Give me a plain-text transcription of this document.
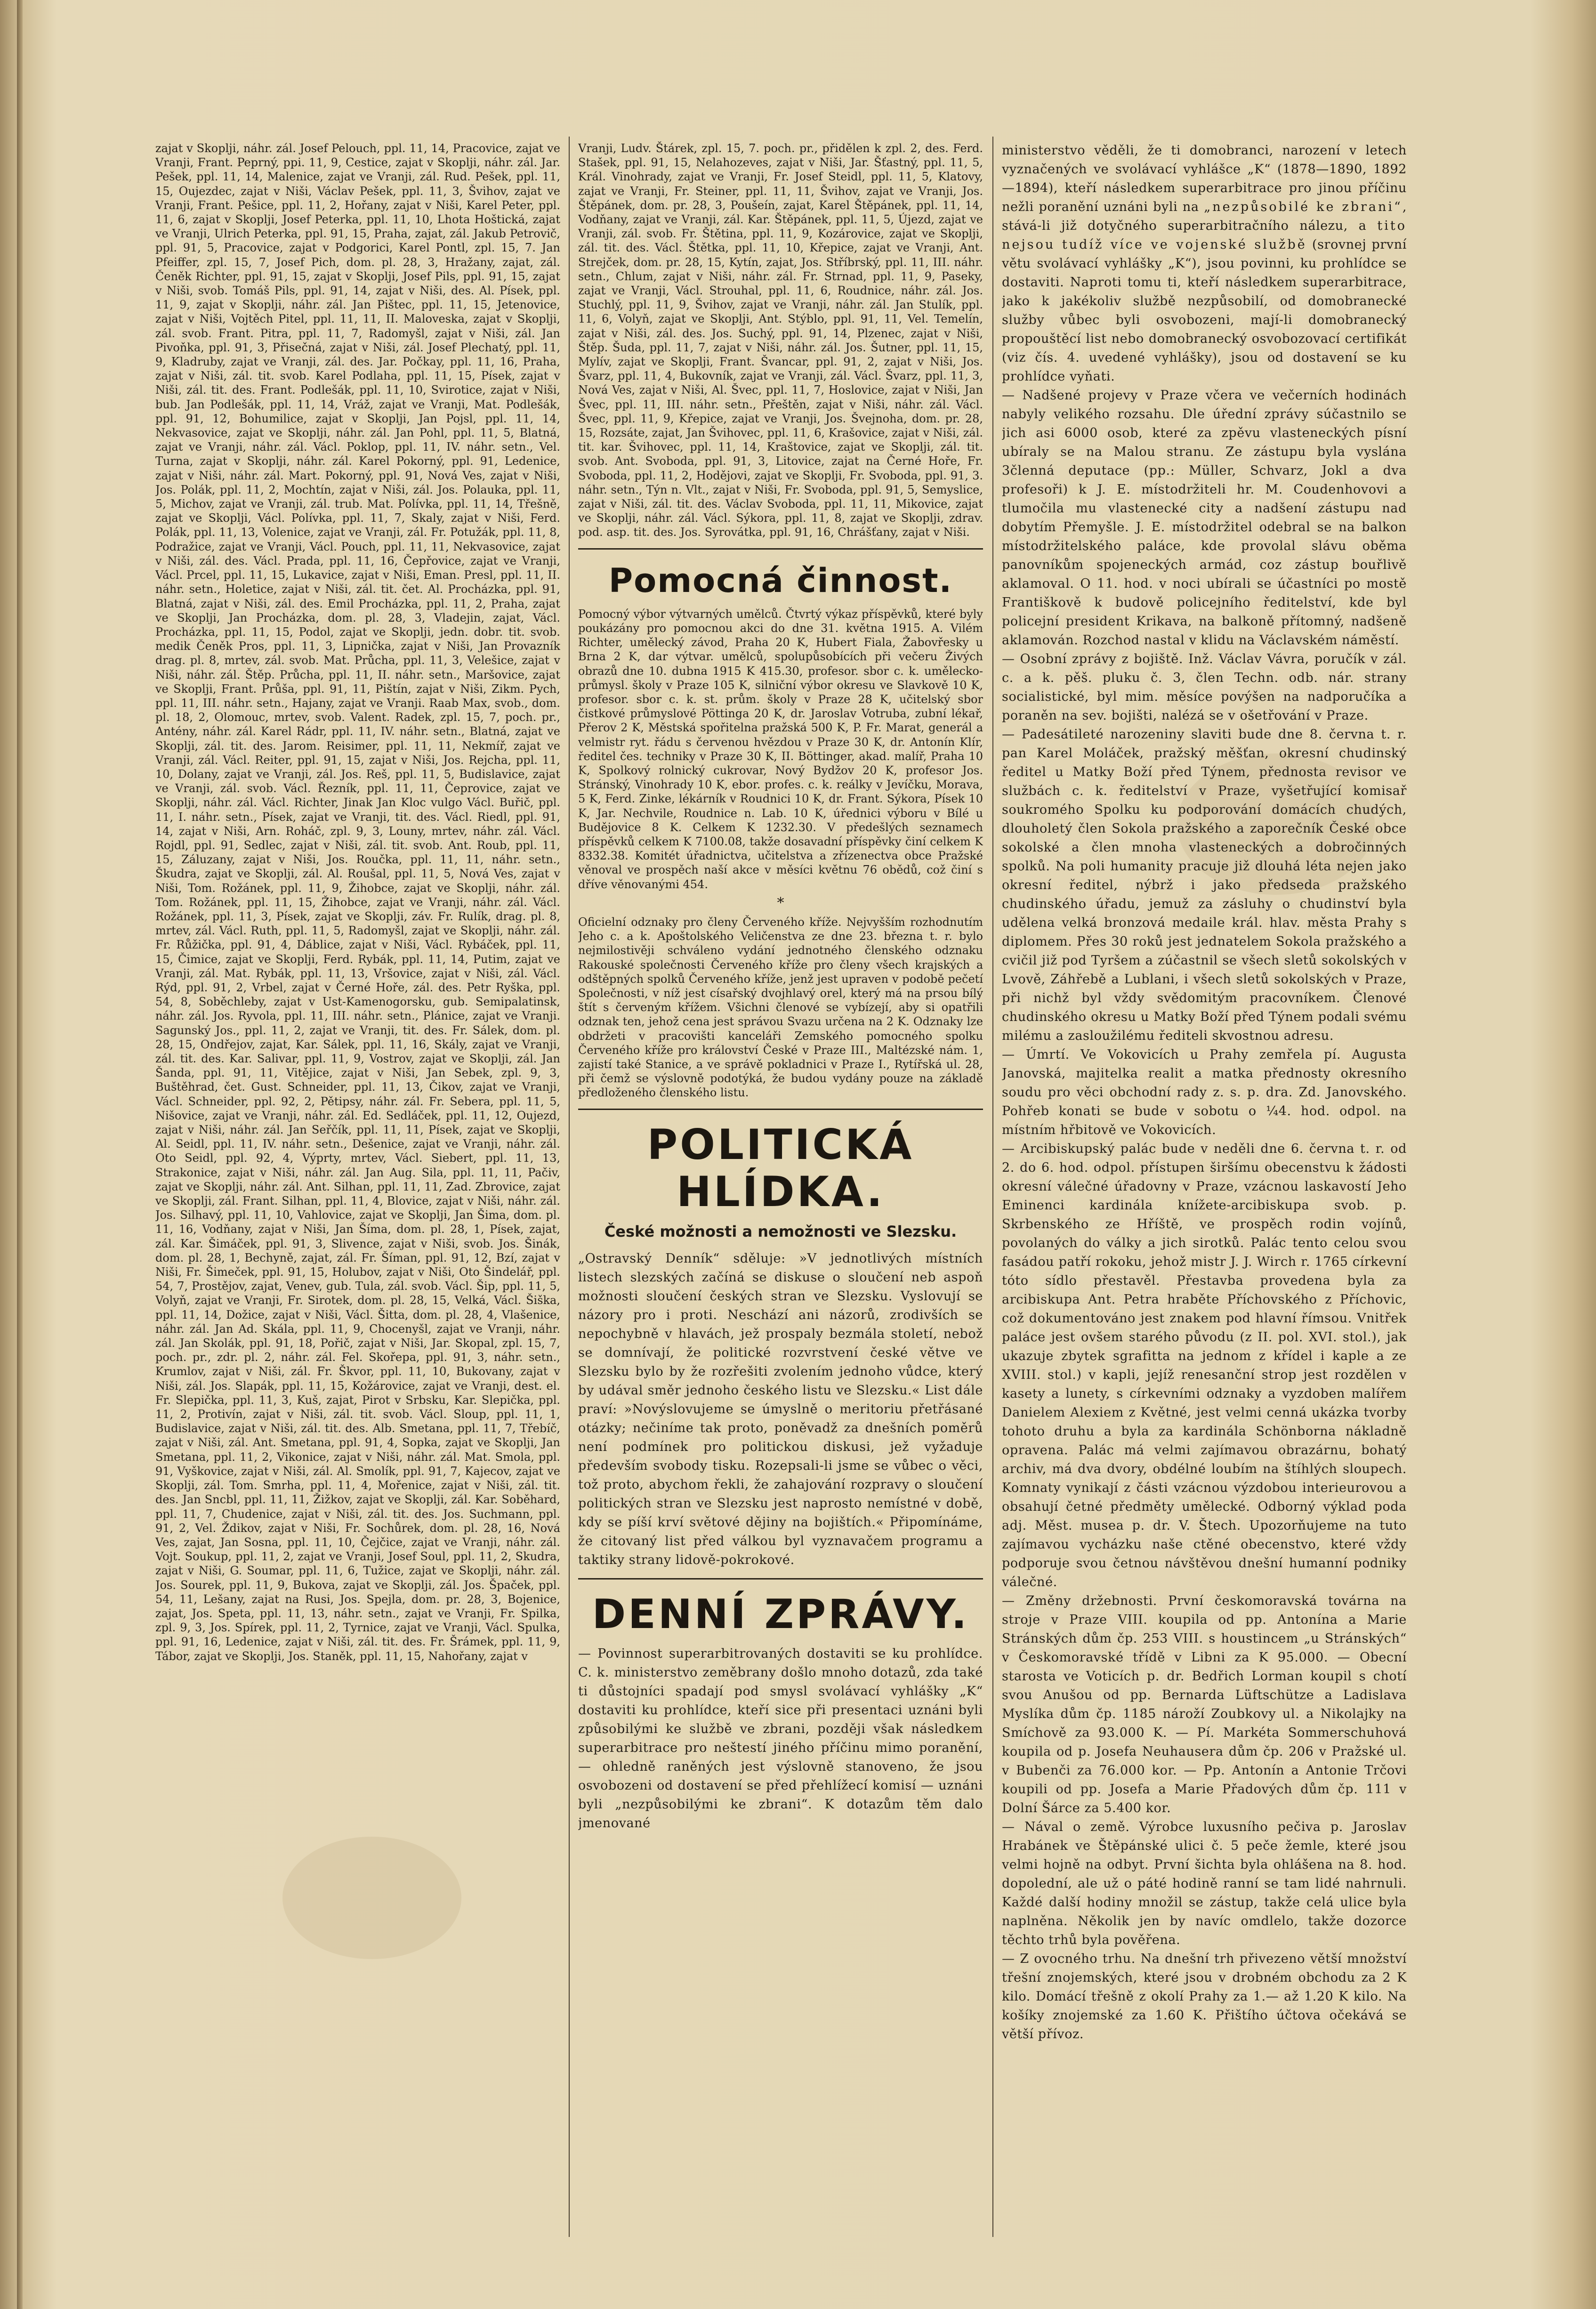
zajat v Skoplji, náhr. zál. Josef Pelouch, ppl. 11, 14, Pracovice, zajat ve Vranji, Frant. Peprný, ppi. 11, 9, Cestice, zajat v Skoplji, náhr. zál. Jar. Pešek, ppl. 11, 14, Malenice, zajat ve Vranji, zál. Rud. Pešek, ppl. 11, 15, Oujezdec, zajat v Niši, Václav Pešek, ppl. 11, 3, Švihov, zajat ve Vranji, Frant. Pešice, ppl. 11, 2, Hořany, zajat v Niši, Karel Peter, ppl. 11, 6, zajat v Skoplji, Josef Peterka, ppl. 11, 10, Lhota Hoštická, zajat ve Vranji, Ulrich Peterka, ppl. 91, 15, Praha, zajat, zál. Jakub Petrovič, ppl. 91, 5, Pracovice, zajat v Podgorici, Karel Pontl, zpl. 15, 7. Jan Pfeiffer, zpl. 15, 7, Josef Pich, dom. pl. 28, 3, Hražany, zajat, zál. Čeněk Richter, ppl. 91, 15, zajat v Skoplji, Josef Pils, ppl. 91, 15, zajat v Niši, svob. Tomáš Pils, ppl. 91, 14, zajat v Niši, des. Al. Písek, ppl. 11, 9, zajat v Skoplji, náhr. zál. Jan Pištec, ppl. 11, 15, Jetenovice, zajat v Niši, Vojtěch Pitel, ppl. 11, 11, II. Maloveska, zajat v Skoplji, zál. svob. Frant. Pitra, ppl. 11, 7, Radomyšl, zajat v Niši, zál. Jan Pivoňka, ppl. 91, 3, Přisečná, zajat v Niši, zál. Josef Plechatý, ppl. 11, 9, Kladruby, zajat ve Vranji, zál. des. Jar. Počkay, ppl. 11, 16, Praha, zajat v Niši, zál. tit. svob. Karel Podlaha, ppl. 11, 15, Písek, zajat v Niši, zál. tit. des. Frant. Podlešák, ppl. 11, 10, Svirotice, zajat v Niši, bub. Jan Podlešák, ppl. 11, 14, Vráž, zajat ve Vranji, Mat. Podlešák, ppl. 91, 12, Bohumilice, zajat v Skoplji, Jan Pojsl, ppl. 11, 14, Nekvasovice, zajat ve Skoplji, náhr. zál. Jan Pohl, ppl. 11, 5, Blatná, zajat ve Vranji, náhr. zál. Václ. Poklop, ppl. 11, IV. náhr. setn., Vel. Turna, zajat v Skoplji, náhr. zál. Karel Pokorný, ppl. 91, Ledenice, zajat v Niši, náhr. zál. Mart. Pokorný, ppl. 91, Nová Ves, zajat v Niši, Jos. Polák, ppl. 11, 2, Mochtín, zajat v Niši, zál. Jos. Polauka, ppl. 11, 5, Michov, zajat ve Vranji, zál. trub. Mat. Polívka, ppl. 11, 14, Třešně, zajat ve Skoplji, Václ. Polívka, ppl. 11, 7, Skaly, zajat v Niši, Ferd. Polák, ppl. 11, 13, Volenice, zajat ve Vranji, zál. Fr. Potužák, ppl. 11, 8, Podražice, zajat ve Vranji, Václ. Pouch, ppl. 11, 11, Nekvasovice, zajat v Niši, zál. des. Václ. Prada, ppl. 11, 16, Čepřovice, zajat ve Vranji, Václ. Prcel, ppl. 11, 15, Lukavice, zajat v Niši, Eman. Presl, ppl. 11, II. náhr. setn., Holetice, zajat v Niši, zál. tit. čet. Al. Procházka, ppl. 91, Blatná, zajat v Niši, zál. des. Emil Procházka, ppl. 11, 2, Praha, zajat ve Skoplji, Jan Procházka, dom. pl. 28, 3, Vladejin, zajat, Václ. Procházka, ppl. 11, 15, Podol, zajat ve Skoplji, jedn. dobr. tit. svob. medik Čeněk Pros, ppl. 11, 3, Lipnička, zajat v Niši, Jan Provazník drag. pl. 8, mrtev, zál. svob. Mat. Průcha, ppl. 11, 3, Velešice, zajat v Niši, náhr. zál. Štěp. Průcha, ppl. 11, II. náhr. setn., Maršovice, zajat ve Skoplji, Frant. Průša, ppl. 91, 11, Pištín, zajat v Niši, Zikm. Pych, ppl. 11, III. náhr. setn., Hajany, zajat ve Vranji. Raab Max, svob., dom. pl. 18, 2, Olomouc, mrtev, svob. Valent. Radek, zpl. 15, 7, poch. pr., Antény, náhr. zál. Karel Rádr, ppl. 11, IV. náhr. setn., Blatná, zajat ve Skoplji, zál. tit. des. Jarom. Reisimer, ppl. 11, 11, Nekmíř, zajat ve Vranji, zál. Václ. Reiter, ppl. 91, 15, zajat v Niši, Jos. Rejcha, ppl. 11, 10, Dolany, zajat ve Vranji, zál. Jos. Reš, ppl. 11, 5, Budislavice, zajat ve Vranji, zál. svob. Václ. Řezník, ppl. 11, 11, Čeprovice, zajat ve Skoplji, náhr. zál. Václ. Richter, Jinak Jan Kloc vulgo Václ. Buřič, ppl. 11, I. náhr. setn., Písek, zajat ve Vranji, tit. des. Václ. Riedl, ppl. 91, 14, zajat v Niši, Arn. Roháč, zpl. 9, 3, Louny, mrtev, náhr. zál. Václ. Rojdl, ppl. 91, Sedlec, zajat v Niši, zál. tit. svob. Ant. Roub, ppl. 11, 15, Záluzany, zajat v Niši, Jos. Roučka, ppl. 11, 11, náhr. setn., Škudra, zajat ve Skoplji, zál. Al. Roušal, ppl. 11, 5, Nová Ves, zajat v Niši, Tom. Rožánek, ppl. 11, 9, Žihobce, zajat ve Skoplji, náhr. zál. Tom. Rožánek, ppl. 11, 15, Žihobce, zajat ve Vranji, náhr. zál. Václ. Rožánek, ppl. 11, 3, Písek, zajat ve Skoplji, záv. Fr. Rulík, drag. pl. 8, mrtev, zál. Václ. Ruth, ppl. 11, 5, Radomyšl, zajat ve Skoplji, náhr. zál. Fr. Růžička, ppl. 91, 4, Dáblice, zajat v Niši, Václ. Rybáček, ppl. 11, 15, Čimice, zajat ve Skoplji, Ferd. Rybák, ppl. 11, 14, Putim, zajat ve Vranji, zál. Mat. Rybák, ppl. 11, 13, Vršovice, zajat v Niši, zál. Václ. Rýd, ppl. 91, 2, Vrbel, zajat v Černé Hoře, zál. des. Petr Ryška, ppl. 54, 8, Soběchleby, zajat v Ust-Kamenogorsku, gub. Semipalatinsk, náhr. zál. Jos. Ryvola, ppl. 11, III. náhr. setn., Plánice, zajat ve Vranji. Sagunský Jos., ppl. 11, 2, zajat ve Vranji, tit. des. Fr. Sálek, dom. pl. 28, 15, Ondřejov, zajat, Kar. Sálek, ppl. 11, 16, Skály, zajat ve Vranji, zál. tit. des. Kar. Salivar, ppl. 11, 9, Vostrov, zajat ve Skoplji, zál. Jan Šanda, ppl. 91, 11, Vitějice, zajat v Niši, Jan Sebek, zpl. 9, 3, Buštěhrad, čet. Gust. Schneider, ppl. 11, 13, Čikov, zajat ve Vranji, Václ. Schneider, ppl. 92, 2, Pětipsy, náhr. zál. Fr. Sebera, ppl. 11, 5, Nišovice, zajat ve Vranji, náhr. zál. Ed. Sedláček, ppl. 11, 12, Oujezd, zajat v Niši, náhr. zál. Jan Seřčík, ppl. 11, 11, Písek, zajat ve Skoplji, Al. Seidl, ppl. 11, IV. náhr. setn., Dešenice, zajat ve Vranji, náhr. zál. Oto Seidl, ppl. 92, 4, Výprty, mrtev, Václ. Siebert, ppl. 11, 13, Strakonice, zajat v Niši, náhr. zál. Jan Aug. Sila, ppl. 11, 11, Pačiv, zajat ve Skoplji, náhr. zál. Ant. Silhan, ppl. 11, 11, Zad. Zbrovice, zajat ve Skoplji, zál. Frant. Silhan, ppl. 11, 4, Blovice, zajat v Niši, náhr. zál. Jos. Silhavý, ppl. 11, 10, Vahlovice, zajat ve Skoplji, Jan Šima, dom. pl. 11, 16, Vodňany, zajat v Niši, Jan Šíma, dom. pl. 28, 1, Písek, zajat, zál. Kar. Šimáček, ppl. 91, 3, Slivence, zajat v Niši, svob. Jos. Šinák, dom. pl. 28, 1, Bechyně, zajat, zál. Fr. Šíman, ppl. 91, 12, Bzí, zajat v Niši, Fr. Šimeček, ppl. 91, 15, Holubov, zajat v Niši, Oto Šindelář, ppl. 54, 7, Prostějov, zajat, Venev, gub. Tula, zál. svob. Václ. Šip, ppl. 11, 5, Volyň, zajat ve Vranji, Fr. Sirotek, dom. pl. 28, 15, Velká, Václ. Šiška, ppl. 11, 14, Dožice, zajat v Niši, Václ. Šitta, dom. pl. 28, 4, Vlašenice, náhr. zál. Jan Ad. Skála, ppl. 11, 9, Chocenyšl, zajat ve Vranji, náhr. zál. Jan Skolák, ppl. 91, 18, Pořič, zajat v Niši, Jar. Skopal, zpl. 15, 7, poch. pr., zdr. pl. 2, náhr. zál. Fel. Skořepa, ppl. 91, 3, náhr. setn., Krumlov, zajat v Niši, zál. Fr. Škvor, ppl. 11, 10, Bukovany, zajat v Niši, zál. Jos. Slapák, ppl. 11, 15, Kožárovice, zajat ve Vranji, dest. el. Fr. Slepička, ppl. 11, 3, Kuš, zajat, Pirot v Srbsku, Kar. Slepička, ppl. 11, 2, Protivín, zajat v Niši, zál. tit. svob. Václ. Sloup, ppl. 11, 1, Budislavice, zajat v Niši, zál. tit. des. Alb. Smetana, ppl. 11, 7, Třebíč, zajat v Niši, zál. Ant. Smetana, ppl. 91, 4, Sopka, zajat ve Skoplji, Jan Smetana, ppl. 11, 2, Vikonice, zajat v Niši, náhr. zál. Mat. Smola, ppl. 91, Vyškovice, zajat v Niši, zál. Al. Smolík, ppl. 91, 7, Kajecov, zajat ve Skoplji, zál. Tom. Smrha, ppl. 11, 4, Mořenice, zajat v Niši, zál. tit. des. Jan Sncbl, ppl. 11, 11, Žižkov, zajat ve Skoplji, zál. Kar. Soběhard, ppl. 11, 7, Chudenice, zajat v Niši, zál. tit. des. Jos. Suchmann, ppl. 91, 2, Vel. Ždikov, zajat v Niši, Fr. Sochůrek, dom. pl. 28, 16, Nová Ves, zajat, Jan Sosna, ppl. 11, 10, Čejčice, zajat ve Vranji, náhr. zál. Vojt. Soukup, ppl. 11, 2, zajat ve Vranji, Josef Soul, ppl. 11, 2, Skudra, zajat v Niši, G. Soumar, ppl. 11, 6, Tužice, zajat ve Skoplji, náhr. zál. Jos. Sourek, ppl. 11, 9, Bukova, zajat ve Skoplji, zál. Jos. Špaček, ppl. 54, 11, Lešany, zajat na Rusi, Jos. Spejla, dom. pr. 28, 3, Bojenice, zajat, Jos. Speta, ppl. 11, 13, náhr. setn., zajat ve Vranji, Fr. Spilka, zpl. 9, 3, Jos. Spírek, ppl. 11, 2, Tyrnice, zajat ve Vranji, Václ. Spulka, ppl. 91, 16, Ledenice, zajat v Niši, zál. tit. des. Fr. Šrámek, ppl. 11, 9, Tábor, zajat ve Skoplji, Jos. Staněk, ppl. 11, 15, Nahořany, zajat v

Vranji, Ludv. Štárek, zpl. 15, 7. poch. pr., přidělen k zpl. 2, des. Ferd. Stašek, ppl. 91, 15, Nelahozeves, zajat v Niši, Jar. Šťastný, ppl. 11, 5, Král. Vinohrady, zajat ve Vranji, Fr. Josef Steidl, ppl. 11, 5, Klatovy, zajat ve Vranji, Fr. Steiner, ppl. 11, 11, Švihov, zajat ve Vranji, Jos. Štěpánek, dom. pr. 28, 3, Poušeín, zajat, Karel Štěpánek, ppl. 11, 14, Vodňany, zajat ve Vranji, zál. Kar. Štěpánek, ppl. 11, 5, Újezd, zajat ve Vranji, zál. svob. Fr. Štětina, ppl. 11, 9, Kozárovice, zajat ve Skoplji, zál. tit. des. Václ. Štětka, ppl. 11, 10, Křepice, zajat ve Vranji, Ant. Strejček, dom. pr. 28, 15, Kytín, zajat, Jos. Stříbrský, ppl. 11, III. náhr. setn., Chlum, zajat v Niši, náhr. zál. Fr. Strnad, ppl. 11, 9, Paseky, zajat ve Vranji, Václ. Strouhal, ppl. 11, 6, Roudnice, náhr. zál. Jos. Stuchlý, ppl. 11, 9, Švihov, zajat ve Vranji, náhr. zál. Jan Stulík, ppl. 11, 6, Volyň, zajat ve Skoplji, Ant. Stýblo, ppl. 91, 11, Vel. Temelín, zajat v Niši, zál. des. Jos. Suchý, ppl. 91, 14, Plzenec, zajat v Niši, Štěp. Šuda, ppl. 11, 7, zajat v Niši, náhr. zál. Jos. Šutner, ppl. 11, 15, Mylív, zajat ve Skoplji, Frant. Švancar, ppl. 91, 2, zajat v Niši, Jos. Švarz, ppl. 11, 4, Bukovník, zajat ve Vranji, zál. Václ. Švarz, ppl. 11, 3, Nová Ves, zajat v Niši, Al. Švec, ppl. 11, 7, Hoslovice, zajat v Niši, Jan Švec, ppl. 11, III. náhr. setn., Přeštěn, zajat v Niši, náhr. zál. Václ. Švec, ppl. 11, 9, Křepice, zajat ve Vranji, Jos. Švejnoha, dom. pr. 28, 15, Rozsáte, zajat, Jan Švihovec, ppl. 11, 6, Krašovice, zajat v Niši, zál. tit. kar. Švihovec, ppl. 11, 14, Kraštovice, zajat ve Skoplji, zál. tit. svob. Ant. Svoboda, ppl. 91, 3, Litovice, zajat na Černé Hoře, Fr. Svoboda, ppl. 11, 2, Hodějovi, zajat ve Skoplji, Fr. Svoboda, ppl. 91, 3. náhr. setn., Týn n. Vlt., zajat v Niši, Fr. Svoboda, ppl. 91, 5, Semyslice, zajat v Niši, zál. tit. des. Václav Svoboda, ppl. 11, 11, Mikovice, zajat ve Skoplji, náhr. zál. Václ. Sýkora, ppl. 11, 8, zajat ve Skoplji, zdrav. pod. asp. tit. des. Jos. Syrovátka, ppl. 91, 16, Chrášťany, zajat v Niši.

Pomocná činnost.

Pomocný výbor výtvarných umělců. Čtvrtý výkaz příspěvků, které byly poukázány pro pomocnou akci do dne 31. května 1915. A. Vilém Richter, umělecký závod, Praha 20 K, Hubert Fiala, Žabovřesky u Brna 2 K, dar výtvar. umělců, spolupůsobících při večeru Živých obrazů dne 10. dubna 1915 K 415.30, profesor. sbor c. k. umělecko-průmysl. školy v Praze 105 K, silniční výbor okresu ve Slavkově 10 K, profesor. sbor c. k. st. prům. školy v Praze 28 K, učitelský sbor čistkové průmyslové Pöttinga 20 K, dr. Jaroslav Votruba, zubní lékař, Přerov 2 K, Městská spořitelna pražská 500 K, P. Fr. Marat, generál a velmistr ryt. řádu s červenou hvězdou v Praze 30 K, dr. Antonín Klír, ředitel čes. techniky v Praze 30 K, II. Böttinger, akad. malíř, Praha 10 K, Spolkový rolnický cukrovar, Nový Bydžov 20 K, profesor Jos. Stránský, Vinohrady 10 K, ebor. profes. c. k. reálky v Jevíčku, Morava, 5 K, Ferd. Zinke, lékárník v Roudnici 10 K, dr. Frant. Sýkora, Písek 10 K, Jar. Nechvile, Roudnice n. Lab. 10 K, úřednici výboru v Bílé u Budějovice 8 K. Celkem K 1232.30. V předešlých seznamech příspěvků celkem K 7100.08, takže dosavadní příspěvky činí celkem K 8332.38. Komitét úřadnictva, učitelstva a zřízenectva obce Pražské věnoval ve prospěch naší akce v měsíci květnu 76 obědů, což činí s dříve věnovanými 454.

*

Oficielní odznaky pro členy Červeného kříže. Nejvyšším rozhodnutím Jeho c. a k. Apoštolského Veličenstva ze dne 23. března t. r. bylo nejmilostivěji schváleno vydání jednotného členského odznaku Rakouské společnosti Červeného kříže pro členy všech krajských a odštěpných spolků Červeného kříže, jenž jest upraven v podobě pečetí Společnosti, v níž jest císařský dvojhlavý orel, který má na prsou bílý štít s červeným křížem. Všichni členové se vybízejí, aby si opatřili odznak ten, jehož cena jest správou Svazu určena na 2 K. Odznaky lze obdržeti v pracovišti kanceláři Zemského pomocného spolku Červeného kříže pro království České v Praze III., Maltézské nám. 1, zajistí také Stanice, a ve správě pokladnici v Praze I., Rytířská ul. 28, při čemž se výslovně podotýká, že budou vydány pouze na základě předloženého členského listu.

POLITICKÁ HLÍDKA.
České možnosti a nemožnosti ve Slezsku.

„Ostravský Denník“ sděluje: »V jednotlivých místních listech slezských začíná se diskuse o sloučení neb aspoň možnosti sloučení českých stran ve Slezsku. Vyslovují se názory pro i proti. Neschází ani názorů, zrodivších se nepochybně v hlavách, jež prospaly bezmála století, nebož se domnívají, že politické rozvrstvení české větve ve Slezsku bylo by že rozřešiti zvolením jednoho vůdce, který by udával směr jednoho českého listu ve Slezsku.« List dále praví: »Novýslovujeme se úmyslně o meritoriu přetřásané otázky; nečiníme tak proto, poněvadž za dnešních poměrů není podmínek pro politickou diskusi, jež vyžaduje především svobody tisku. Rozepsali-li jsme se vůbec o věci, tož proto, abychom řekli, že zahajování rozpravy o sloučení politických stran ve Slezsku jest naprosto nemístné v době, kdy se píší krví světové dějiny na bojištích.« Připomínáme, že citovaný list před válkou byl vyznavačem programu a taktiky strany lidově-pokrokové.

DENNÍ ZPRÁVY.

— Povinnost superarbitrovaných dostaviti se ku prohlídce. C. k. ministerstvo zeměbrany došlo mnoho dotazů, zda také ti důstojníci spadají pod smysl svolávací vyhlášky „K“ dostaviti ku prohlídce, kteří sice při presentaci uznáni byli způsobilými ke službě ve zbrani, později však následkem superarbitrace pro neštestí jiného příčinu mimo poranění, — ohledně raněných jest výslovně stanoveno, že jsou osvobozeni od dostavení se před přehlížecí komisí — uznáni byli „nezpůsobilými ke zbrani“. K dotazům těm dalo jmenované

ministerstvo věděli, že ti domobranci, narození v letech vyznačených ve svolávací vyhlášce „K“ (1878—1890, 1892—1894), kteří následkem superarbitrace pro jinou příčinu nežli poranění uznáni byli na „nezpůsobilé ke zbrani“, stává-li již dotyčného superarbitračního nálezu, a tito nejsou tudíž více ve vojenské službě (srovnej první větu svolávací vyhlášky „K“), jsou povinni, ku prohlídce se dostaviti. Naproti tomu ti, kteří následkem superarbitrace, jako k jakékoliv službě nezpůsobilí, od domobranecké služby vůbec byli osvobozeni, mají-li domobranecký propouštěcí list nebo domobranecký osvobozovací certifikát (viz čís. 4. uvedené vyhlášky), jsou od dostavení se ku prohlídce vyňati.

— Nadšené projevy v Praze včera ve večerních hodinách nabyly velikého rozsahu. Dle úřední zprávy súčastnilo se jich asi 6000 osob, které za zpěvu vlasteneckých písní ubíraly se na Malou stranu. Ze zástupu byla vyslána 3členná deputace (pp.: Müller, Schvarz, Jokl a dva profesoři) k J. E. místodržiteli hr. M. Coudenhovovi a tlumočila mu vlastenecké city a nadšení zástupu nad dobytím Přemyšle. J. E. místodržitel odebral se na balkon místodržitelského paláce, kde provolal slávu oběma panovníkům spojeneckých armád, coz zástup bouřlivě aklamoval. O 11. hod. v noci ubírali se účastníci po mostě Františkově k budově policejního ředitelství, kde byl policejní president Krikava, na balkoně přítomný, nadšeně aklamován. Rozchod nastal v klidu na Václavském náměstí.

— Osobní zprávy z bojiště. Inž. Václav Vávra, poručík v zál. c. a k. pěš. pluku č. 3, člen Techn. odb. nár. strany socialistické, byl mim. měsíce povýšen na nadporučíka a poraněn na sev. bojišti, nalézá se v ošetřování v Praze.

— Padesátileté narozeniny slaviti bude dne 8. června t. r. pan Karel Moláček, pražský měšťan, okresní chudinský ředitel u Matky Boží před Týnem, přednosta revisor ve službách c. k. ředitelství v Praze, vyšetřující komisař soukromého Spolku ku podporování domácích chudých, dlouholetý člen Sokola pražského a zaporečník České obce sokolské a člen mnoha vlasteneckých a dobročinných spolků. Na poli humanity pracuje již dlouhá léta nejen jako okresní ředitel, nýbrž i jako předseda pražského chudinského úřadu, jemuž za zásluhy o chudinství byla udělena velká bronzová medaile král. hlav. města Prahy s diplomem. Přes 30 roků jest jednatelem Sokola pražského a cvičil již pod Tyršem a zúčastnil se všech sletů sokolských v Lvově, Záhřebě a Lublani, i všech sletů sokolských v Praze, při nichž byl vždy svědomitým pracovníkem. Členové chudinského okresu u Matky Boží před Týnem podali svému milému a zasloužilému řediteli skvostnou adresu.

— Úmrtí. Ve Vokovicích u Prahy zemřela pí. Augusta Janovská, majitelka realit a matka přednosty okresního soudu pro věci obchodní rady z. s. p. dra. Zd. Janovského. Pohřeb konati se bude v sobotu o ¼4. hod. odpol. na místním hřbitově ve Vokovicích.

— Arcibiskupský palác bude v neděli dne 6. června t. r. od 2. do 6. hod. odpol. přístupen širšímu obecenstvu k žádosti okresní válečné úřadovny v Praze, vzácnou laskavostí Jeho Eminenci kardinála knížete-arcibiskupa svob. p. Skrbenského ze Hříště, ve prospěch rodin vojínů, povolaných do války a jich sirotků. Palác tento celou svou fasádou patří rokoku, jehož mistr J. J. Wirch r. 1765 církevní tóto sídlo přestavěl. Přestavba provedena byla za arcibiskupa Ant. Petra hraběte Příchovského z Příchovic, což dokumentováno jest znakem pod hlavní římsou. Vnitřek paláce jest ovšem starého původu (z II. pol. XVI. stol.), jak ukazuje zbytek sgrafitta na jednom z křídel i kaple a ze XVIII. stol.) v kapli, jejíž renesanční strop jest rozdělen v kasety a lunety, s církevními odznaky a vyzdoben malířem Danielem Alexiem z Květné, jest velmi cenná ukázka tvorby tohoto druhu a byla za kardinála Schönborna nákladně opravena. Palác má velmi zajímavou obrazárnu, bohatý archiv, má dva dvory, obdélné loubím na štíhlých sloupech. Komnaty vynikají z části vzácnou výzdobou interieurovou a obsahují četné předměty umělecké. Odborný výklad poda adj. Měst. musea p. dr. V. Štech. Upozorňujeme na tuto zajímavou vycházku naše ctěné obecenstvo, které vždy podporuje svou četnou návštěvou dnešní humanní podniky válečné.

— Změny držebnosti. První českomoravská továrna na stroje v Praze VIII. koupila od pp. Antonína a Marie Stránských dům čp. 253 VIII. s houstincem „u Stránských“ v Českomoravské třídě v Libni za K 95.000. — Obecní starosta ve Voticích p. dr. Bedřich Lorman koupil s chotí svou Anušou od pp. Bernarda Lüftschütze a Ladislava Myslíka dům čp. 1185 nároží Zoubkovy ul. a Nikolajky na Smíchově za 93.000 K. — Pí. Markéta Sommerschuhová koupila od p. Josefa Neuhausera dům čp. 206 v Pražské ul. v Bubenči za 76.000 kor. — Pp. Antonín a Antonie Trčovi koupili od pp. Josefa a Marie Přadových dům čp. 111 v Dolní Šárce za 5.400 kor.

— Nával o země. Výrobce luxusního pečiva p. Jaroslav Hrabánek ve Štěpánské ulici č. 5 peče žemle, které jsou velmi hojně na odbyt. První šichta byla ohlášena na 8. hod. dopolední, ale už o páté hodině ranní se tam lidé nahrnuli. Každé další hodiny množil se zástup, takže celá ulice byla naplněna. Několik jen by navíc omdlelo, takže dozorce těchto trhů byla pověřena.

— Z ovocného trhu. Na dnešní trh přivezeno větší množství třešní znojemských, které jsou v drobném obchodu za 2 K kilo. Domácí třešně z okolí Prahy za 1.— až 1.20 K kilo. Na košíky znojemské za 1.60 K. Přištího účtova očekává se větší přívoz.
